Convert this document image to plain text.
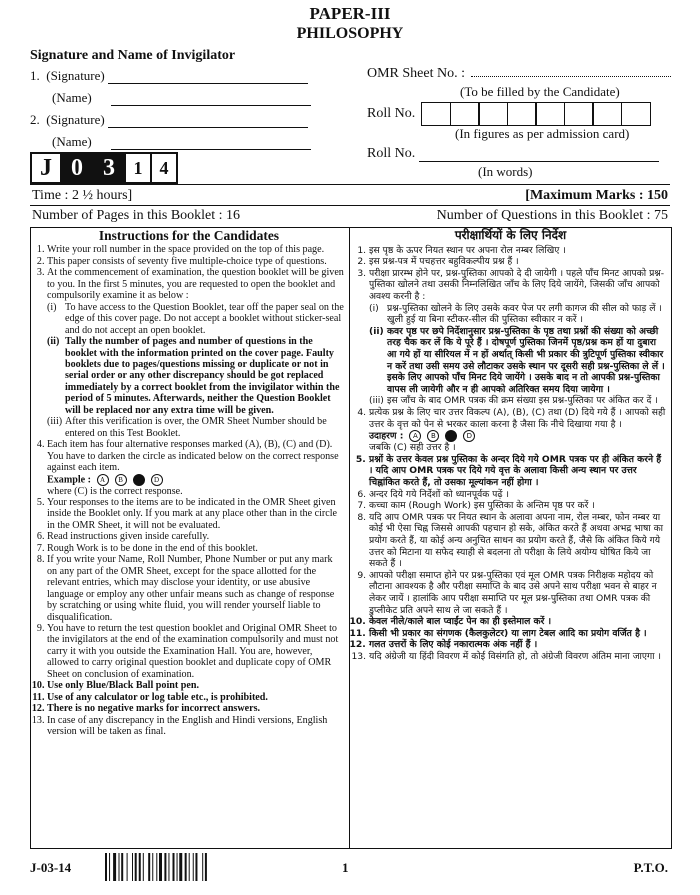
PAPER-III
PHILOSOPHY
Signature and Name of Invigilator
1. (Signature)
(Name)
2. (Signature)
(Name)
OMR Sheet No. :
(To be filled by the Candidate)
Roll No.
(In figures as per admission card)
Roll No.
(In words)
J 0 3	1 4
Time : 2 ½ hours]	[Maximum Marks : 150
Number of Pages in this Booklet : 16	Number of Questions in this Booklet : 75
Instructions for the Candidates
1. Write your roll number in the space provided on the top of this page.
2. This paper consists of seventy five multiple-choice type of questions.
3. At the commencement of examination, the question booklet will be given to you. In the first 5 minutes, you are requested to open the booklet and compulsorily examine it as below :
(i) To have access to the Question Booklet, tear off the paper seal on the edge of this cover page. Do not accept a booklet without sticker-seal and do not accept an open booklet.
(ii) Tally the number of pages and number of questions in the booklet with the information printed on the cover page. Faulty booklets due to pages/questions missing or duplicate or not in serial order or any other discrepancy should be got replaced immediately by a correct booklet from the invigilator within the period of 5 minutes. Afterwards, neither the Question Booklet will be replaced nor any extra time will be given.
(iii) After this verification is over, the OMR Sheet Number should be entered on this Test Booklet.
4. Each item has four alternative responses marked (A), (B), (C) and (D). You have to darken the circle as indicated below on the correct response against each item.
Example : A B C D
where (C) is the correct response.
5. Your responses to the items are to be indicated in the OMR Sheet given inside the Booklet only. If you mark at any place other than in the circle in the OMR Sheet, it will not be evaluated.
6. Read instructions given inside carefully.
7. Rough Work is to be done in the end of this booklet.
8. If you write your Name, Roll Number, Phone Number or put any mark on any part of the OMR Sheet, except for the space allotted for the relevant entries, which may disclose your identity, or use abusive language or employ any other unfair means such as change of response by scratching or using white fluid, you will render yourself liable to disqualification.
9. You have to return the test question booklet and Original OMR Sheet to the invigilators at the end of the examination compulsorily and must not carry it with you outside the Examination Hall. You are, however, allowed to carry original question booklet and duplicate copy of OMR Sheet on conclusion of examination.
10. Use only Blue/Black Ball point pen.
11. Use of any calculator or log table etc., is prohibited.
12. There is no negative marks for incorrect answers.
13. In case of any discrepancy in the English and Hindi versions, English version will be taken as final.
परीक्षार्थियों के लिए निर्देश
1. इस पृष्ठ के ऊपर नियत स्थान पर अपना रोल नम्बर लिखिए ।
2. इस प्रश्न-पत्र में पचहत्तर बहुविकल्पीय प्रश्न हैं ।
3. परीक्षा प्रारम्भ होने पर, प्रश्न-पुस्तिका आपको दे दी जायेगी । पहले पाँच मिनट आपको प्रश्न-पुस्तिका खोलने तथा उसकी निम्नलिखित जाँच के लिए दिये जायेंगे, जिसकी जाँच आपको अवश्य करनी है :
(i) प्रश्न-पुस्तिका खोलने के लिए उसके कवर पेज पर लगी कागज की सील को फाड़ लें । खुली हुई या बिना स्टीकर-सील की पुस्तिका स्वीकार न करें ।
(ii) कवर पृष्ठ पर छपे निर्देशानुसार प्रश्न-पुस्तिका के पृष्ठ तथा प्रश्नों की संख्या को अच्छी तरह चैक कर लें कि ये पूरे हैं । दोषपूर्ण पुस्तिका जिनमें पृष्ठ/प्रश्न कम हों या दुबारा आ गये हों या सीरियल में न हों अर्थात् किसी भी प्रकार की त्रुटिपूर्ण पुस्तिका स्वीकार न करें तथा उसी समय उसे लौटाकर उसके स्थान पर दूसरी सही प्रश्न-पुस्तिका ले लें । इसके लिए आपको पाँच मिनट दिये जायेंगे । उसके बाद न तो आपकी प्रश्न-पुस्तिका वापस ली जायेगी और न ही आपको अतिरिक्त समय दिया जायेगा ।
(iii) इस जाँच के बाद OMR पत्रक की क्रम संख्या इस प्रश्न-पुस्तिका पर अंकित कर दें ।
4. प्रत्येक प्रश्न के लिए चार उत्तर विकल्प (A), (B), (C) तथा (D) दिये गये हैं । आपको सही उत्तर के वृत्त को पेन से भरकर काला करना है जैसा कि नीचे दिखाया गया है ।
उदाहरण : A B C D
जबकि (C) सही उत्तर है ।
5. प्रश्नों के उत्तर केवल प्रश्न पुस्तिका के अन्दर दिये गये OMR पत्रक पर ही अंकित करने हैं । यदि आप OMR पत्रक पर दिये गये वृत्त के अलावा किसी अन्य स्थान पर उत्तर चिह्नांकित करते हैं, तो उसका मूल्यांकन नहीं होगा ।
6. अन्दर दिये गये निर्देशों को ध्यानपूर्वक पढ़ें ।
7. कच्चा काम (Rough Work) इस पुस्तिका के अन्तिम पृष्ठ पर करें ।
8. यदि आप OMR पत्रक पर नियत स्थान के अलावा अपना नाम, रोल नम्बर, फोन नम्बर या कोई भी ऐसा चिह्न जिससे आपकी पहचान हो सके, अंकित करते हैं अथवा अभद्र भाषा का प्रयोग करते हैं, या कोई अन्य अनुचित साधन का प्रयोग करते हैं, जैसे कि अंकित किये गये उत्तर को मिटाना या सफेद स्याही से बदलना तो परीक्षा के लिये अयोग्य घोषित किये जा सकते हैं ।
9. आपको परीक्षा समाप्त होने पर प्रश्न-पुस्तिका एवं मूल OMR पत्रक निरीक्षक महोदय को लौटाना आवश्यक है और परीक्षा समाप्ति के बाद उसे अपने साथ परीक्षा भवन से बाहर न लेकर जायें । हालांकि आप परीक्षा समाप्ति पर मूल प्रश्न-पुस्तिका तथा OMR पत्रक की डुप्लीकेट प्रति अपने साथ ले जा सकते हैं ।
10. केवल नीले/काले बाल प्वाईंट पेन का ही इस्तेमाल करें ।
11. किसी भी प्रकार का संगणक (कैलकुलेटर) या लाग टेबल आदि का प्रयोग वर्जित है ।
12. गलत उत्तरों के लिए कोई नकारात्मक अंक नहीं हैं ।
13. यदि अंग्रेजी या हिंदी विवरण में कोई विसंगति हो, तो अंग्रेजी विवरण अंतिम माना जाएगा ।
J-03-14	1	P.T.O.
